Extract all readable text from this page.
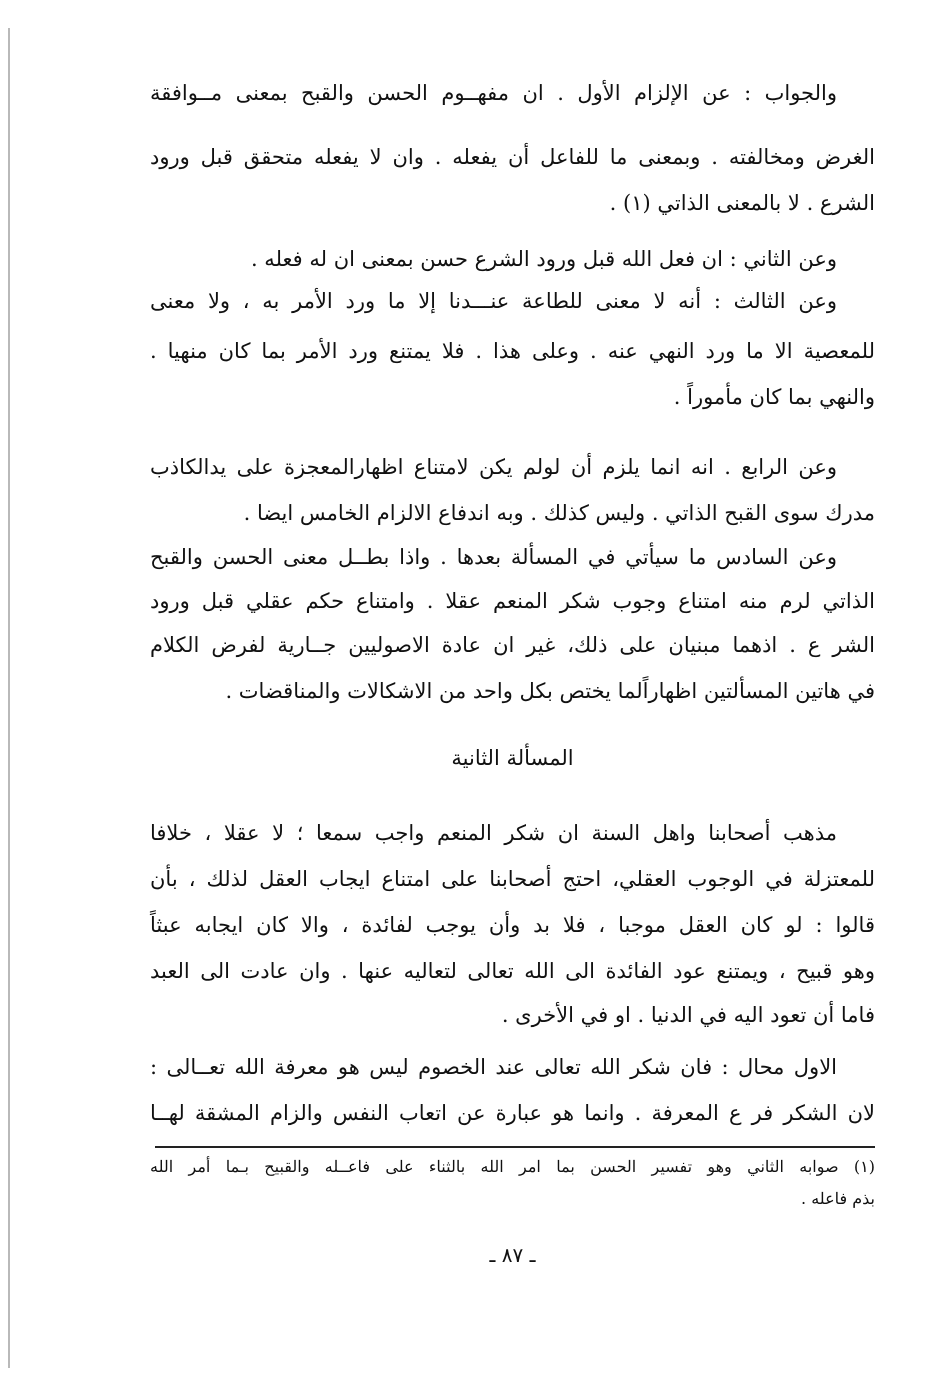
والجواب : عن الإلزام الأول . ان مفهــوم الحسن والقبح بمعنى مــوافقة
الغرض ومخالفته . وبمعنى ما للفاعل أن يفعله . وان لا يفعله متحقق قبل ورود
الشرع . لا بالمعنى الذاتي (١) .
وعن الثاني : ان فعل الله قبل ورود الشرع حسن بمعنى ان له فعله .
وعن الثالث : أنه لا معنى للطاعة عنـــدنا إلا ما ورد الأمر به ، ولا معنى
للمعصية الا ما ورد النهي عنه . وعلى هذا . فلا يمتنع ورد الأمر بما كان منهيا .
والنهي بما كان مأموراً .
وعن الرابع . انه انما يلزم أن لولم يكن لامتناع اظهارالمعجزة على يدالكاذب
مدرك سوى القبح الذاتي . وليس كذلك . وبه اندفاع الالزام الخامس ايضا .
وعن السادس ما سيأتي في المسألة بعدها . واذا بطــل معنى الحسن والقبح
الذاتي لرم منه امتناع وجوب شكر المنعم عقلا . وامتناع حكم عقلي قبل ورود
الشر ع . اذهما مبنيان على ذلك، غير ان عادة الاصوليين جــارية لفرض الكلام
في هاتين المسألتين اظهاراًلما يختص بكل واحد من الاشكالات والمناقضات .
المسألة الثانية
مذهب أصحابنا واهل السنة ان شكر المنعم واجب سمعا ؛ لا عقلا ، خلافا
للمعتزلة في الوجوب العقلي، احتج أصحابنا على امتناع ايجاب العقل لذلك ، بأن
قالوا : لو كان العقل موجبا ، فلا بد وأن يوجب لفائدة ، والا كان ايجابه عبثاً
وهو قبيح ، ويمتنع عود الفائدة الى الله تعالى لتعاليه عنها . وان عادت الى العبد
فاما أن تعود اليه في الدنيا . او في الأخرى .
الاول محال : فان شكر الله تعالى عند الخصوم ليس هو معرفة الله تعــالى :
لان الشكر فر ع المعرفة . وانما هو عبارة عن اتعاب النفس والزام المشقة لهــا
(١) صوابه الثاني وهو تفسير الحسن بما امر الله بالثناء على فاعــله والقبيح بـما أمر الله
بذم فاعله .
ـ ٨٧ ـ
